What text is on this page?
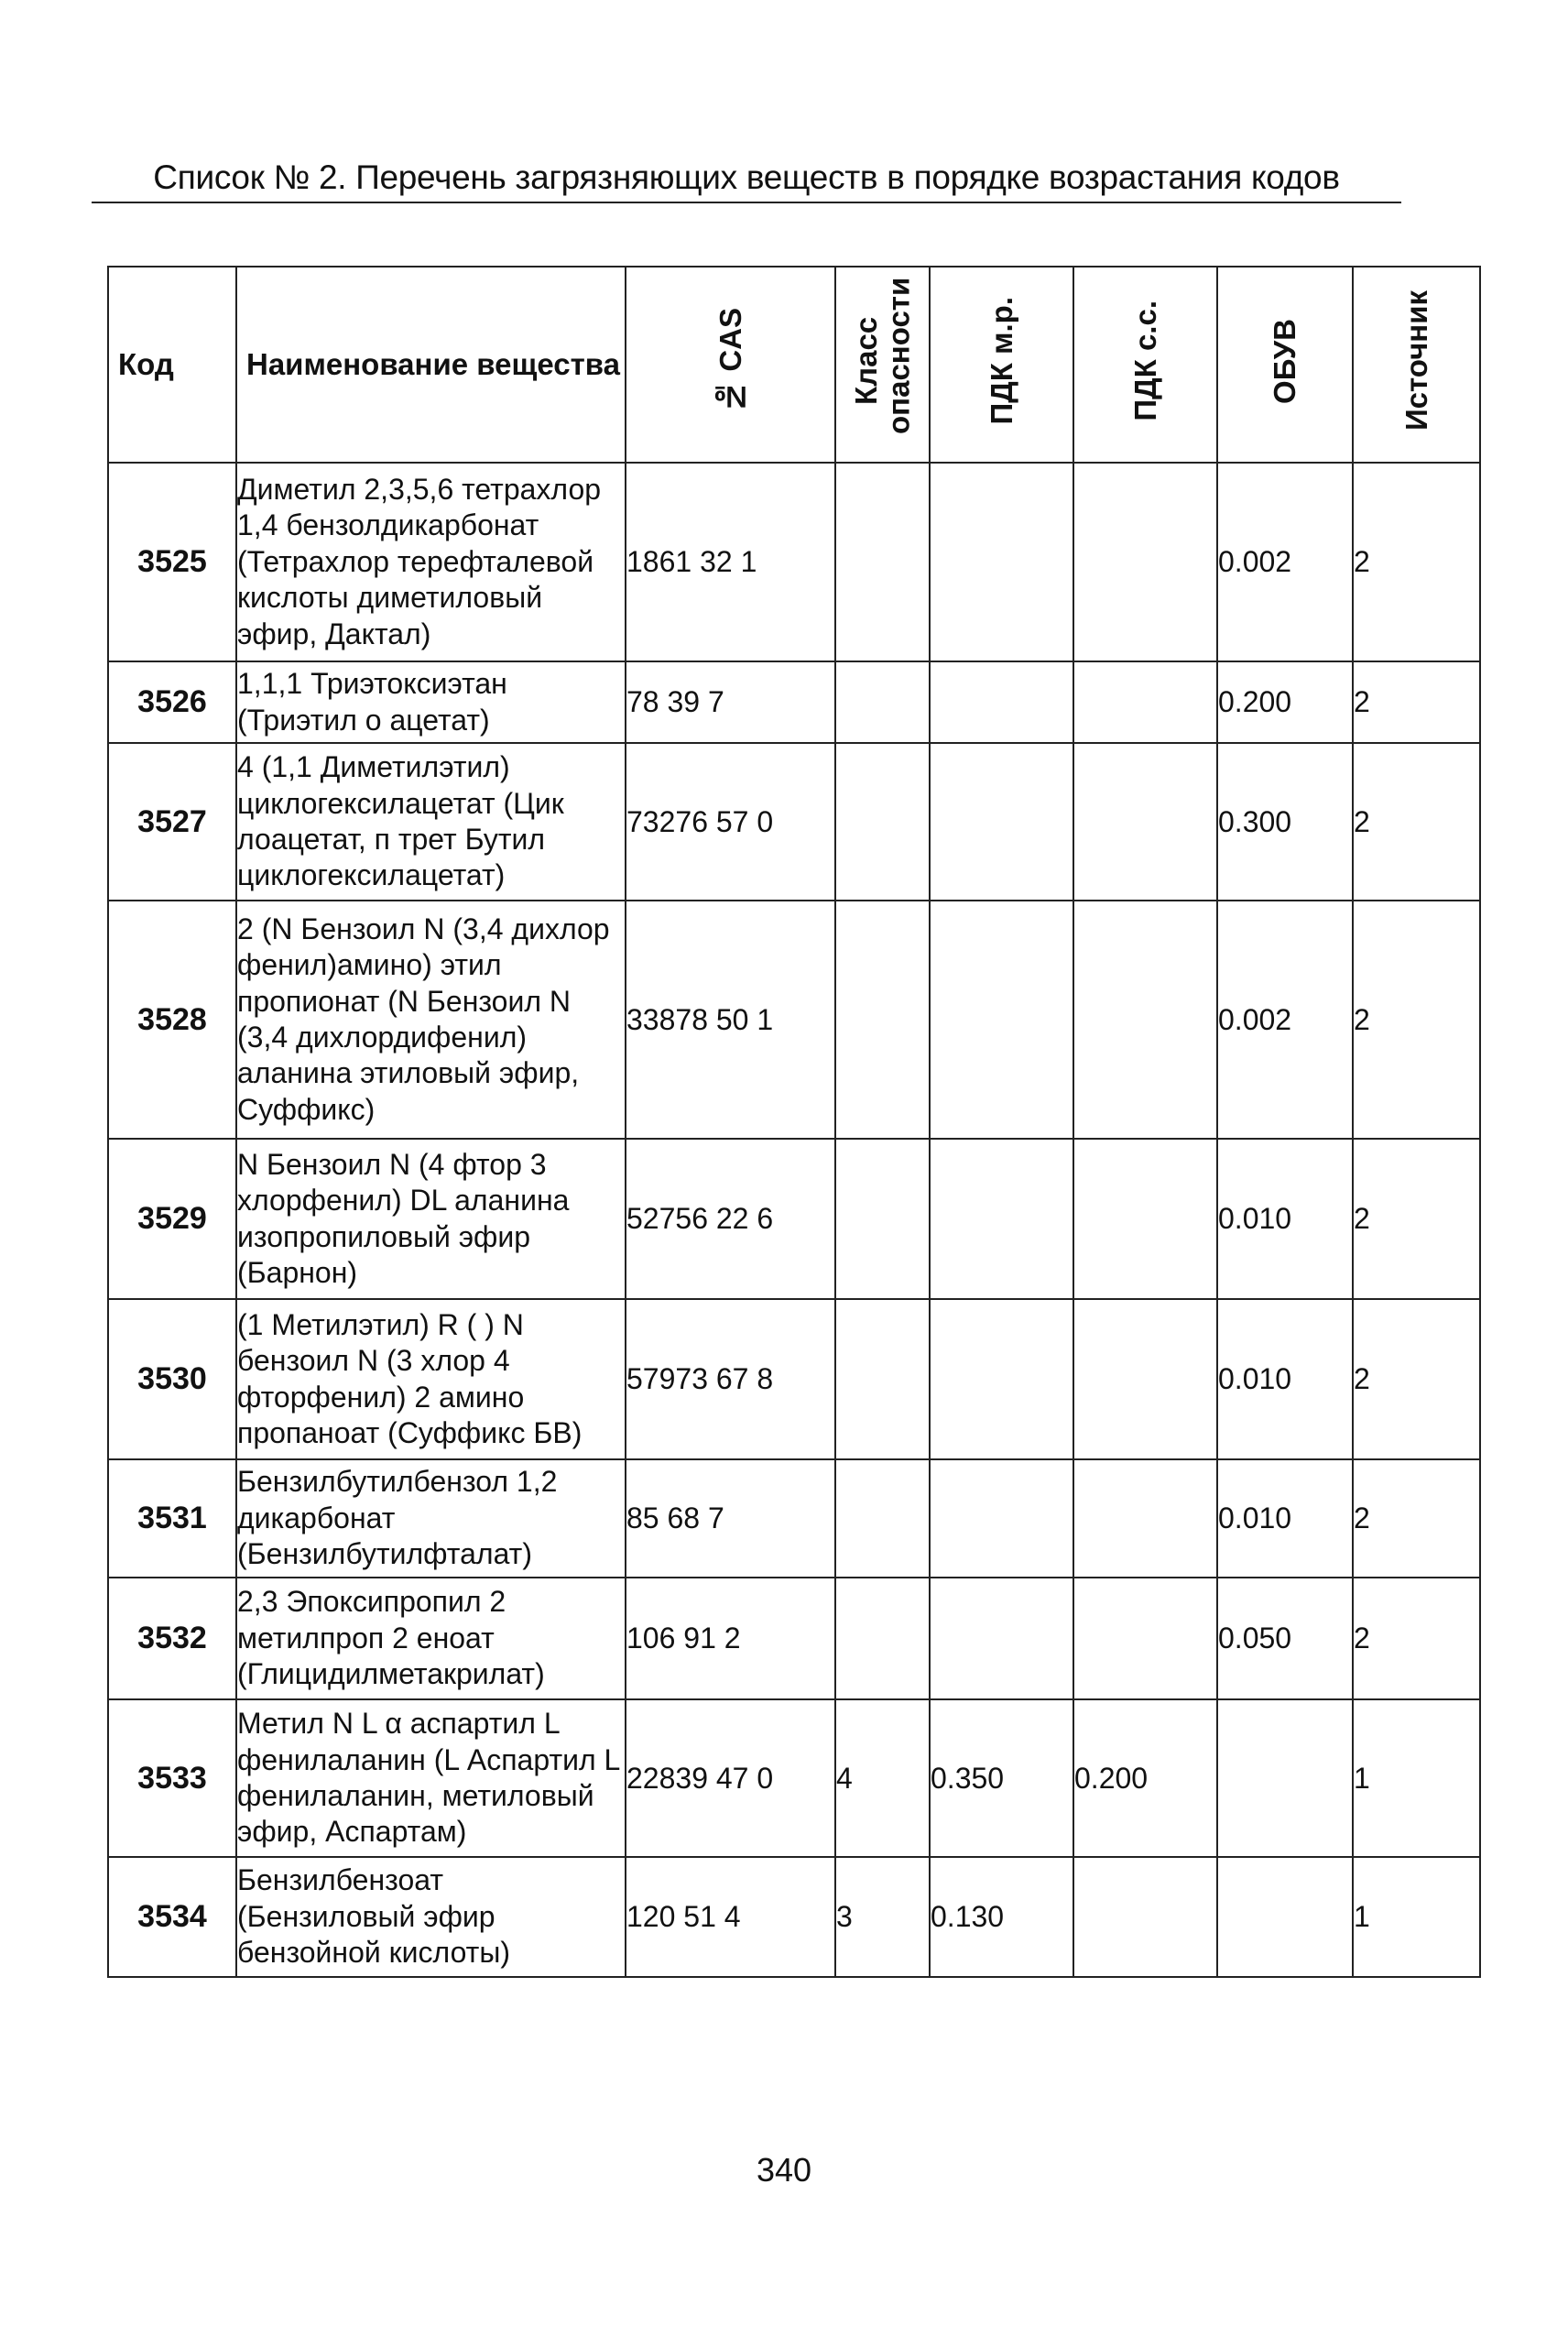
Список № 2. Перечень загрязняющих веществ в порядке возрастания кодов
Код	Наименование вещества	№ CAS	Класс опасности	ПДК м.р.	ПДК с.с.	ОБУВ	Источник
3525	Диметил 2,3,5,6 тетрахлор 1,4 бензолдикарбонат (Тетрахлор терефталевой кислоты диметиловый эфир, Дактал)	1861 32 1				0.002	2
3526	1,1,1 Триэтоксиэтан (Триэтил о ацетат)	78 39 7				0.200	2
3527	4 (1,1 Диметилэтил) циклогексилацетат (Цик лоацетат, п трет Бутил циклогексилацетат)	73276 57 0				0.300	2
3528	2 (N Бензоил N (3,4 дихлор фенил)амино) этил пропионат (N Бензоил N (3,4 дихлордифенил) аланина этиловый эфир, Суффикс)	33878 50 1				0.002	2
3529	N Бензоил N (4 фтор 3 хлорфенил) DL аланина изопропиловый эфир (Барнон)	52756 22 6				0.010	2
3530	(1 Метилэтил) R ( ) N бензоил N (3 хлор 4 фторфенил) 2 амино пропаноат (Суффикс БВ)	57973 67 8				0.010	2
3531	Бензилбутилбензол 1,2 дикарбонат (Бензилбутилфталат)	85 68 7				0.010	2
3532	2,3 Эпоксипропил 2 метилпроп 2 еноат (Глицидилметакрилат)	106 91 2				0.050	2
3533	Метил N L α аспартил L фенилаланин (L Аспартил L фенилаланин, метиловый эфир, Аспартам)	22839 47 0	4	0.350	0.200		1
3534	Бензилбензоат (Бензиловый эфир бензойной кислоты)	120 51 4	3	0.130			1
340
